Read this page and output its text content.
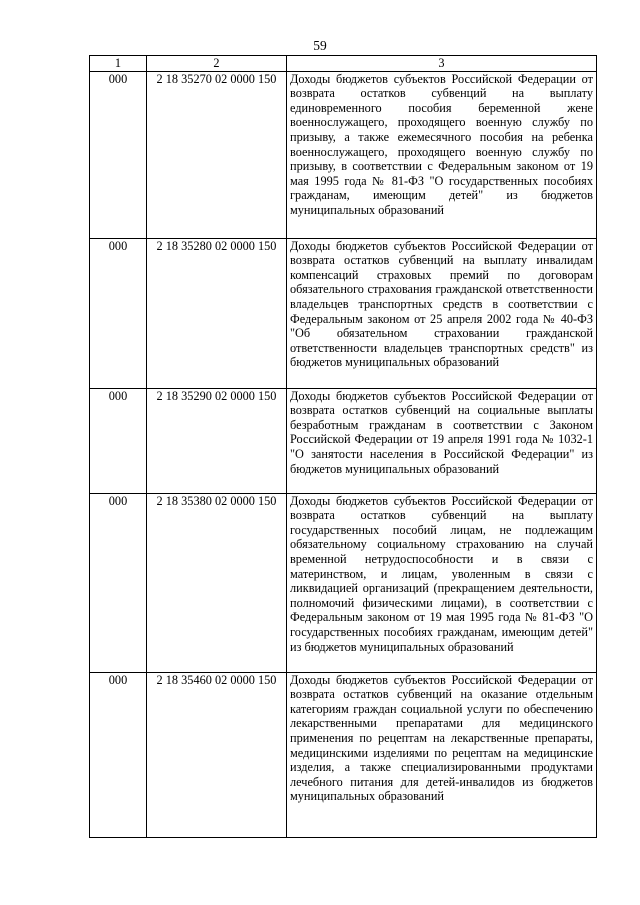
59
1	2	3
000	2 18 35270 02 0000 150	Доходы бюджетов субъектов Российской Федерации от возврата остатков субвенций на выплату единовременного пособия беременной жене военнослужащего, проходящего военную службу по призыву, а также ежемесячного пособия на ребенка военнослужащего, проходящего военную службу по призыву, в соответствии с Федеральным законом от 19 мая 1995 года № 81-ФЗ "О государственных пособиях гражданам, имеющим детей" из бюджетов муниципальных образований
000	2 18 35280 02 0000 150	Доходы бюджетов субъектов Российской Федерации от возврата остатков субвенций на выплату инвалидам компенсаций страховых премий по договорам обязательного страхования гражданской ответственности владельцев транспортных средств в соответствии с Федеральным законом от 25 апреля 2002 года № 40-ФЗ "Об обязательном страховании гражданской ответственности владельцев транспортных средств" из бюджетов муниципальных образований
000	2 18 35290 02 0000 150	Доходы бюджетов субъектов Российской Федерации от возврата остатков субвенций на социальные выплаты безработным гражданам в соответствии с Законом Российской Федерации от 19 апреля 1991 года № 1032-1 "О занятости населения в Российской Федерации" из бюджетов муниципальных образований
000	2 18 35380 02 0000 150	Доходы бюджетов субъектов Российской Федерации от возврата остатков субвенций на выплату государственных пособий лицам, не подлежащим обязательному социальному страхованию на случай временной нетрудоспособности и в связи с материнством, и лицам, уволенным в связи с ликвидацией организаций (прекращением деятельности, полномочий физическими лицами), в соответствии с Федеральным законом от 19 мая 1995 года № 81-ФЗ "О государственных пособиях гражданам, имеющим детей" из бюджетов муниципальных образований
000	2 18 35460 02 0000 150	Доходы бюджетов субъектов Российской Федерации от возврата остатков субвенций на оказание отдельным категориям граждан социальной услуги по обеспечению лекарственными препаратами для медицинского применения по рецептам на лекарственные препараты, медицинскими изделиями по рецептам на медицинские изделия, а также специализированными продуктами лечебного питания для детей-инвалидов из бюджетов муниципальных образований
